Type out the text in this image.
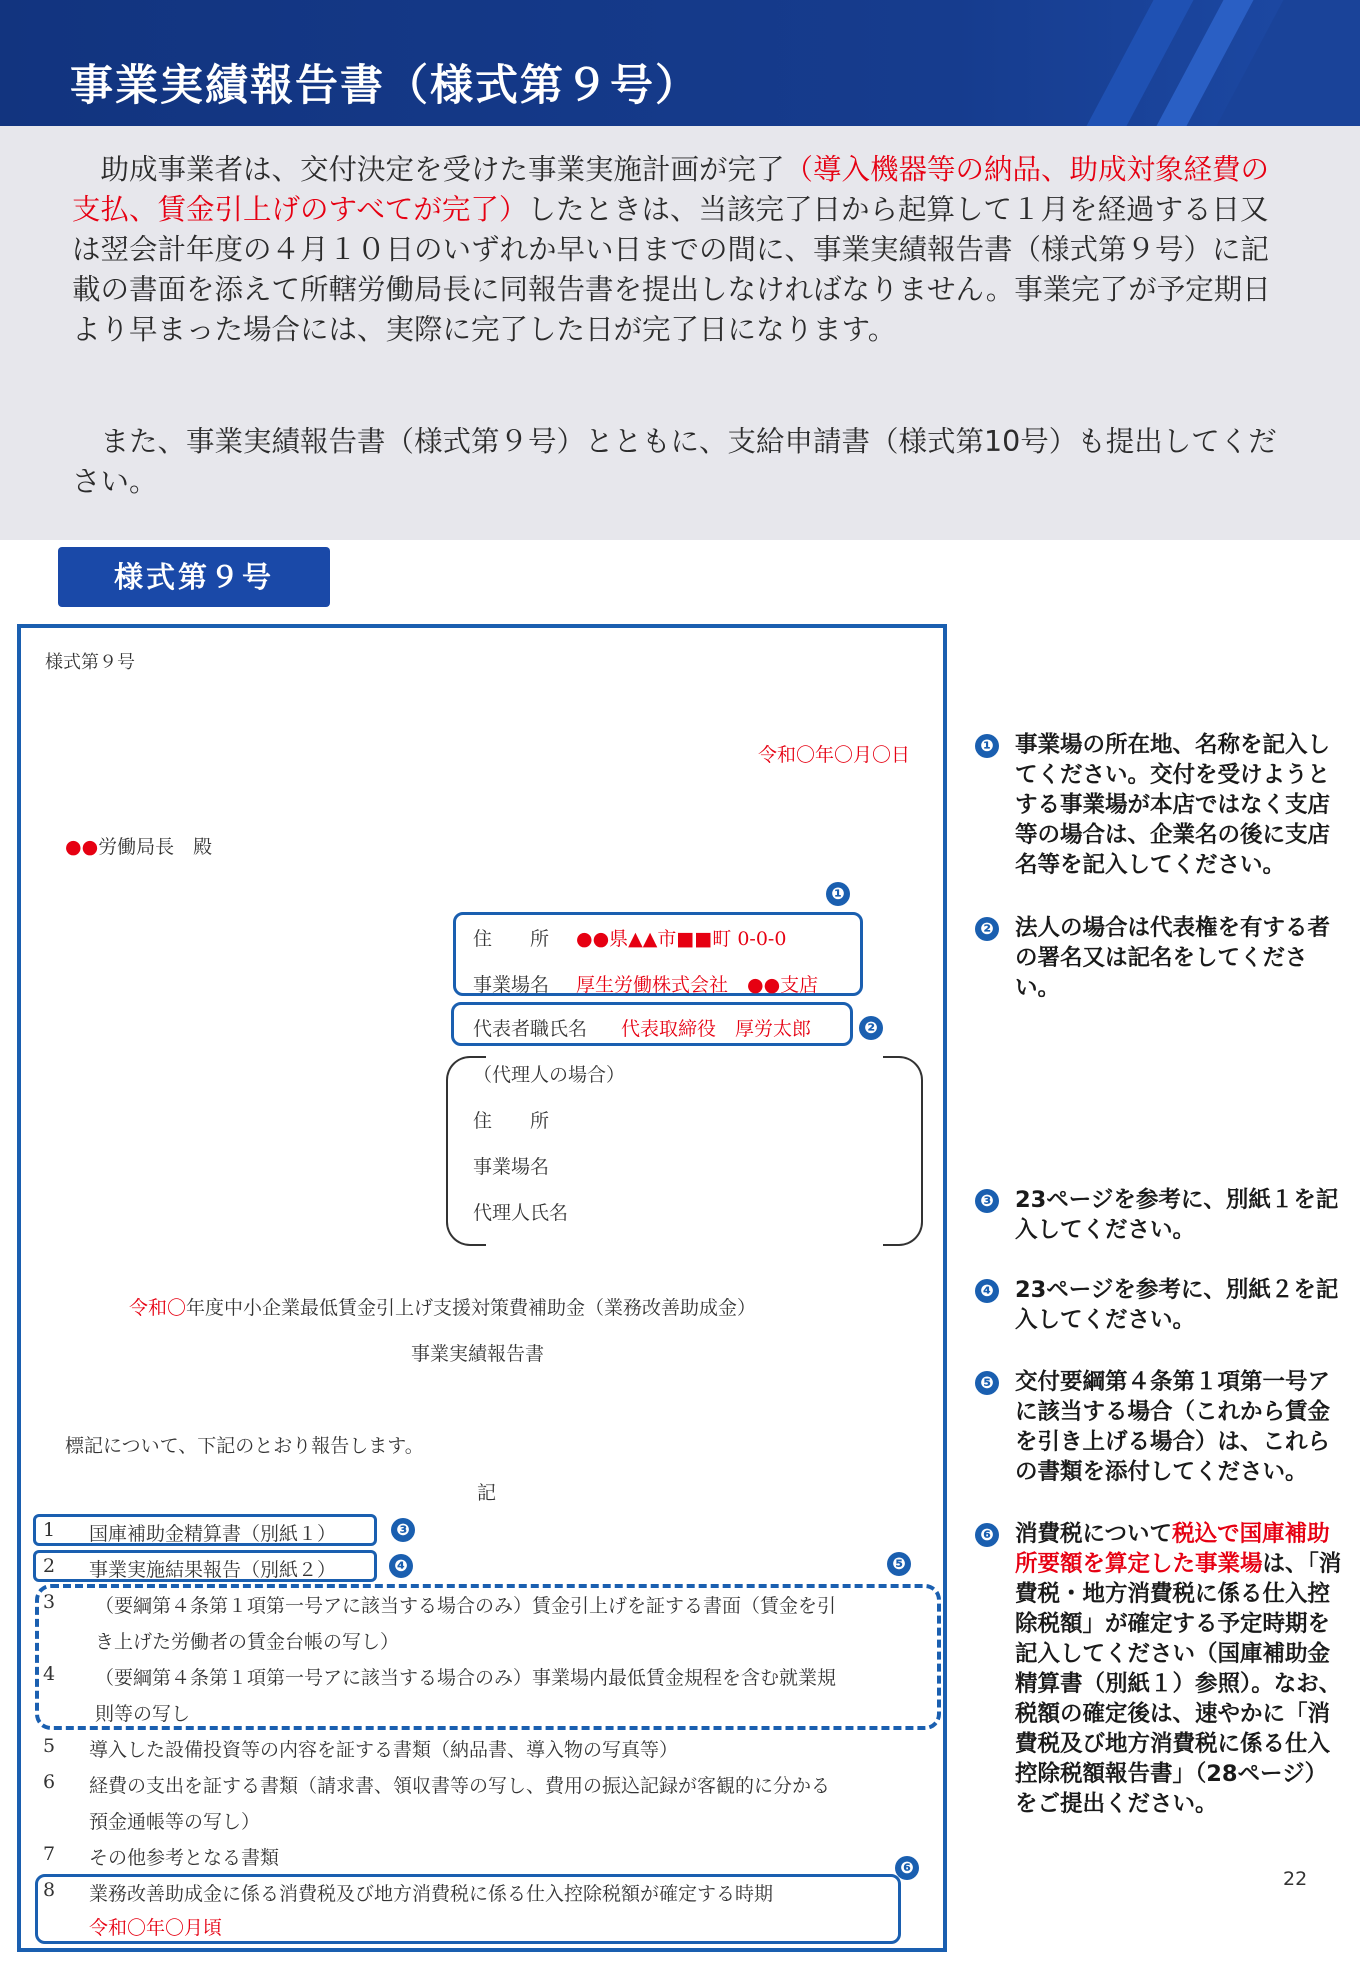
事業実績報告書（様式第９号）

　助成事業者は、交付決定を受けた事業実施計画が完了（導入機器等の納品、助成対象経費の支払、賃金引上げのすべてが完了）したときは、当該完了日から起算して１月を経過する日又は翌会計年度の４月１０日のいずれか早い日までの間に、事業実績報告書（様式第９号）に記載の書面を添えて所轄労働局長に同報告書を提出しなければなりません。事業完了が予定期日より早まった場合には、実際に完了した日が完了日になります。

　また、事業実績報告書（様式第９号）とともに、支給申請書（様式第10号）も提出してください。

様式第９号
様式第９号
令和〇年〇月〇日
●●労働局長　殿
住　　所 ●●県▲▲市■■町 0-0-0
事業場名 厚生労働株式会社　●●支店
代表者職氏名 代表取締役　厚労太郎
（代理人の場合）
住　　所
事業場名
代理人氏名
令和〇年度中小企業最低賃金引上げ支援対策費補助金（業務改善助成金）
事業実績報告書
標記について、下記のとおり報告します。
記
1 国庫補助金精算書（別紙１）
2 事業実施結果報告（別紙２）
3 （要綱第４条第１項第一号アに該当する場合のみ）賃金引上げを証する書面（賃金を引
き上げた労働者の賃金台帳の写し）
4 （要綱第４条第１項第一号アに該当する場合のみ）事業場内最低賃金規程を含む就業規
則等の写し
5 導入した設備投資等の内容を証する書類（納品書、導入物の写真等）
6 経費の支出を証する書類（請求書、領収書等の写し、費用の振込記録が客観的に分かる
預金通帳等の写し）
7 その他参考となる書類
8 業務改善助成金に係る消費税及び地方消費税に係る仕入控除税額が確定する時期
令和〇年〇月頃
❶
❷
❸
❹	❺
❻
❶ 事業場の所在地、名称を記入してください。交付を受けようとする事業場が本店ではなく支店等の場合は、企業名の後に支店名等を記入してください。
❷ 法人の場合は代表権を有する者の署名又は記名をしてください。
❸ 23ページを参考に、別紙１を記入してください。
❹ 23ページを参考に、別紙２を記入してください。
❺ 交付要綱第４条第１項第一号アに該当する場合（これから賃金を引き上げる場合）は、これらの書類を添付してください。
❻ 消費税について税込で国庫補助所要額を算定した事業場は、「消費税・地方消費税に係る仕入控除税額」が確定する予定時期を記入してください（国庫補助金精算書（別紙１）参照）。なお、税額の確定後は、速やかに「消費税及び地方消費税に係る仕入控除税額報告書」（28ページ）をご提出ください。
22
